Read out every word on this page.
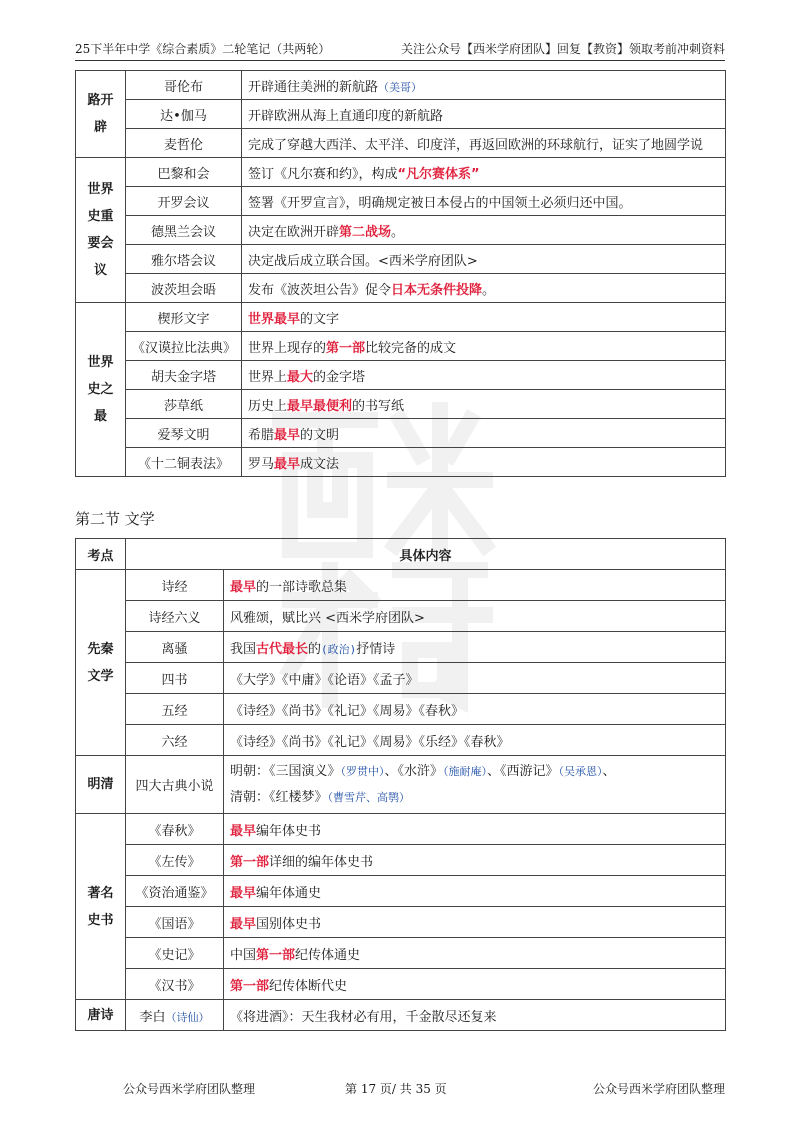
25下半年中学《综合素质》二轮笔记（共两轮）	关注公众号【西米学府团队】回复【教资】领取考前冲刺资料
路开辟	哥伦布	开辟通往美洲的新航路（美哥）
	达•伽马	开辟欧洲从海上直通印度的新航路
	麦哲伦	完成了穿越大西洋、太平洋、印度洋，再返回欧洲的环球航行，证实了地圆学说
世界史重要会议	巴黎和会	签订《凡尔赛和约》，构成“凡尔赛体系”
	开罗会议	签署《开罗宣言》，明确规定被日本侵占的中国领土必须归还中国。
	德黑兰会议	决定在欧洲开辟第二战场。
	雅尔塔会议	决定战后成立联合国。<西米学府团队>
	波茨坦会晤	发布《波茨坦公告》促令日本无条件投降。
世界史之最	楔形文字	世界最早的文字
	《汉谟拉比法典》	世界上现存的第一部比较完备的成文
	胡夫金字塔	世界上最大的金字塔
	莎草纸	历史上最早最便利的书写纸
	爱琴文明	希腊最早的文明
	《十二铜表法》	罗马最早成文法
第二节 文学
考点	具体内容	
先秦文学	诗经	最早的一部诗歌总集
	诗经六义	风雅颂，赋比兴 <西米学府团队>
	离骚	我国古代最长的(政治)抒情诗
	四书	《大学》《中庸》《论语》《孟子》
	五经	《诗经》《尚书》《礼记》《周易》《春秋》
	六经	《诗经》《尚书》《礼记》《周易》《乐经》《春秋》
明清	四大古典小说	明朝：《三国演义》（罗贯中）、《水浒》（施耐庵）、《西游记》（吴承恩）、
清朝：《红楼梦》（曹雪芹、高鹗）

著名史书	《春秋》	最早编年体史书
	《左传》	第一部详细的编年体史书
	《资治通鉴》	最早编年体通史
	《国语》	最早国别体史书
	《史记》	中国第一部纪传体通史
	《汉书》	第一部纪传体断代史
唐诗	李白（诗仙）	《将进酒》：天生我材必有用，千金散尽还复来
公众号西米学府团队整理	第 17 页/ 共 35 页	公众号西米学府团队整理
